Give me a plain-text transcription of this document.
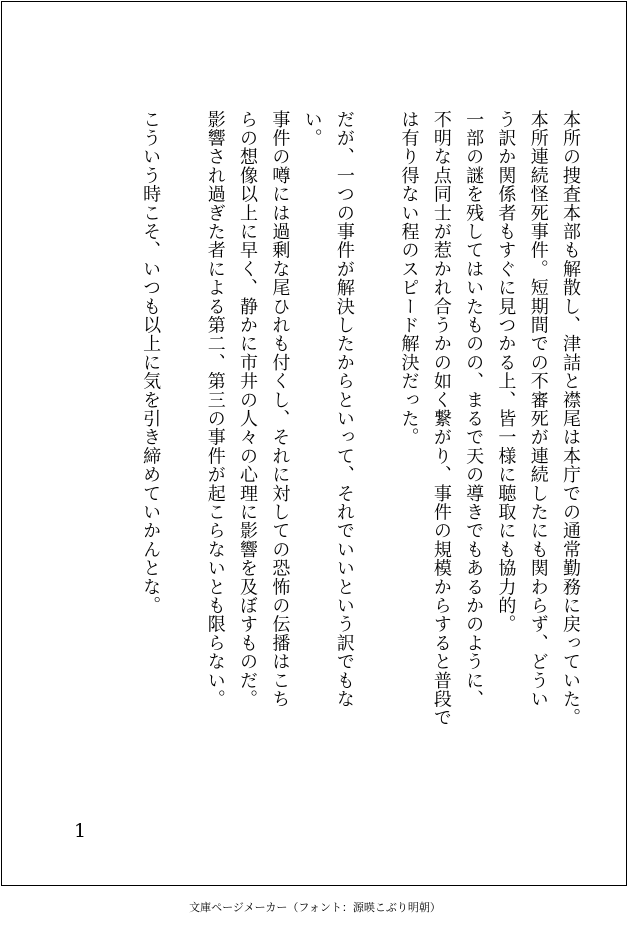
本所の捜査本部も解散し、津詰と襟尾は本庁での通常勤務に戻っていた。
本所連続怪死事件。短期間での不審死が連続したにも関わらず、どうい
う訳か関係者もすぐに見つかる上、皆一様に聴取にも協力的。
一部の謎を残してはいたものの、まるで天の導きでもあるかのように、
不明な点同士が惹かれ合うかの如く繋がり、事件の規模からすると普段で
は有り得ない程のスピード解決だった。
だが、一つの事件が解決したからといって、それでいいという訳でもな
い。
事件の噂には過剰な尾ひれも付くし、それに対しての恐怖の伝播はこち
らの想像以上に早く、静かに市井の人々の心理に影響を及ぼすものだ。
影響され過ぎた者による第二、第三の事件が起こらないとも限らない。
こういう時こそ、いつも以上に気を引き締めていかんとな。
1
文庫ページメーカー（フォント：源暎こぶり明朝）
